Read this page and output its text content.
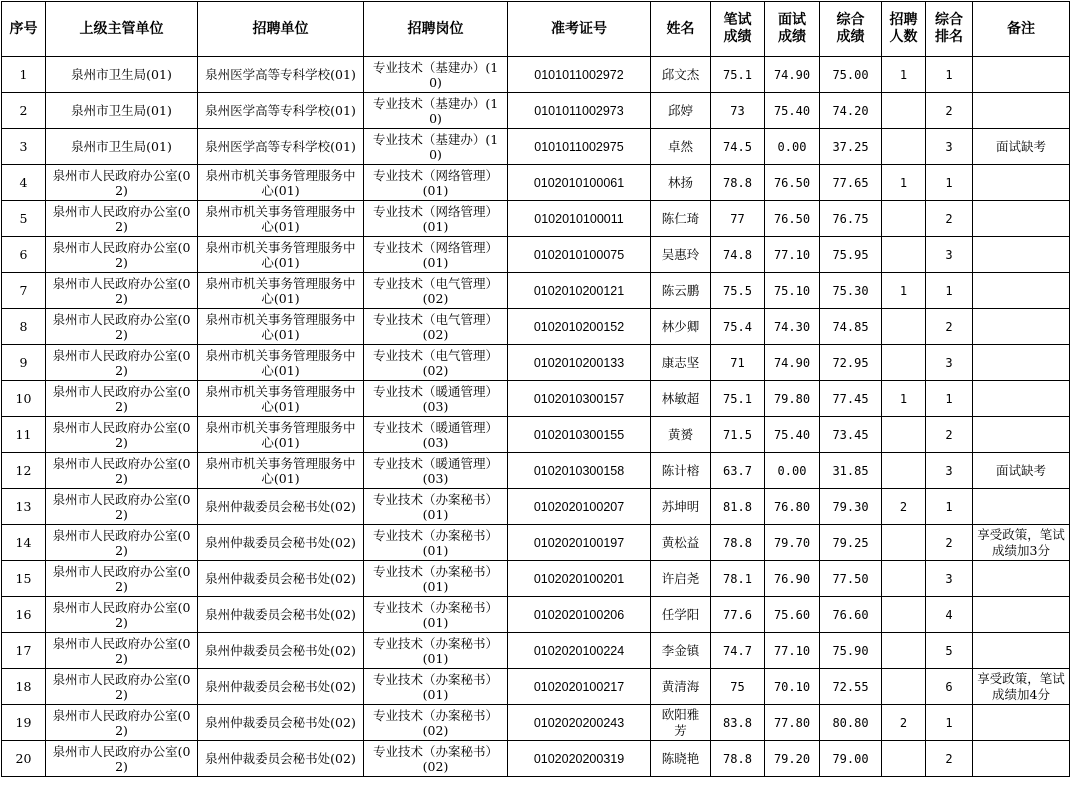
序号	上级主管单位	招聘单位	招聘岗位	准考证号	姓名	笔试成绩	面试成绩	综合成绩	招聘人数	综合排名	备注
1	泉州市卫生局(01)	泉州医学高等专科学校(01)	专业技术（基建办）(10)	0101011002972	邱文杰	75.1	74.90	75.00	1	1	
2	泉州市卫生局(01)	泉州医学高等专科学校(01)	专业技术（基建办）(10)	0101011002973	邱婷	73	75.40	74.20		2	
3	泉州市卫生局(01)	泉州医学高等专科学校(01)	专业技术（基建办）(10)	0101011002975	卓然	74.5	0.00	37.25		3	面试缺考
4	泉州市人民政府办公室(02)	泉州市机关事务管理服务中心(01)	专业技术（网络管理）(01)	0102010100061	林扬	78.8	76.50	77.65	1	1	
5	泉州市人民政府办公室(02)	泉州市机关事务管理服务中心(01)	专业技术（网络管理）(01)	0102010100011	陈仁琦	77	76.50	76.75		2	
6	泉州市人民政府办公室(02)	泉州市机关事务管理服务中心(01)	专业技术（网络管理）(01)	0102010100075	吴惠玲	74.8	77.10	75.95		3	
7	泉州市人民政府办公室(02)	泉州市机关事务管理服务中心(01)	专业技术（电气管理）(02)	0102010200121	陈云鹏	75.5	75.10	75.30	1	1	
8	泉州市人民政府办公室(02)	泉州市机关事务管理服务中心(01)	专业技术（电气管理）(02)	0102010200152	林少卿	75.4	74.30	74.85		2	
9	泉州市人民政府办公室(02)	泉州市机关事务管理服务中心(01)	专业技术（电气管理）(02)	0102010200133	康志坚	71	74.90	72.95		3	
10	泉州市人民政府办公室(02)	泉州市机关事务管理服务中心(01)	专业技术（暖通管理）(03)	0102010300157	林敏超	75.1	79.80	77.45	1	1	
11	泉州市人民政府办公室(02)	泉州市机关事务管理服务中心(01)	专业技术（暖通管理）(03)	0102010300155	黄赟	71.5	75.40	73.45		2	
12	泉州市人民政府办公室(02)	泉州市机关事务管理服务中心(01)	专业技术（暖通管理）(03)	0102010300158	陈计榕	63.7	0.00	31.85		3	面试缺考
13	泉州市人民政府办公室(02)	泉州仲裁委员会秘书处(02)	专业技术（办案秘书）(01)	0102020100207	苏坤明	81.8	76.80	79.30	2	1	
14	泉州市人民政府办公室(02)	泉州仲裁委员会秘书处(02)	专业技术（办案秘书）(01)	0102020100197	黄松益	78.8	79.70	79.25		2	享受政策，笔试成绩加3分
15	泉州市人民政府办公室(02)	泉州仲裁委员会秘书处(02)	专业技术（办案秘书）(01)	0102020100201	许启尧	78.1	76.90	77.50		3	
16	泉州市人民政府办公室(02)	泉州仲裁委员会秘书处(02)	专业技术（办案秘书）(01)	0102020100206	任学阳	77.6	75.60	76.60		4	
17	泉州市人民政府办公室(02)	泉州仲裁委员会秘书处(02)	专业技术（办案秘书）(01)	0102020100224	李金镇	74.7	77.10	75.90		5	
18	泉州市人民政府办公室(02)	泉州仲裁委员会秘书处(02)	专业技术（办案秘书）(01)	0102020100217	黄清海	75	70.10	72.55		6	享受政策，笔试成绩加4分
19	泉州市人民政府办公室(02)	泉州仲裁委员会秘书处(02)	专业技术（办案秘书）(02)	0102020200243	欧阳雅芳	83.8	77.80	80.80	2	1	
20	泉州市人民政府办公室(02)	泉州仲裁委员会秘书处(02)	专业技术（办案秘书）(02)	0102020200319	陈晓艳	78.8	79.20	79.00		2	
